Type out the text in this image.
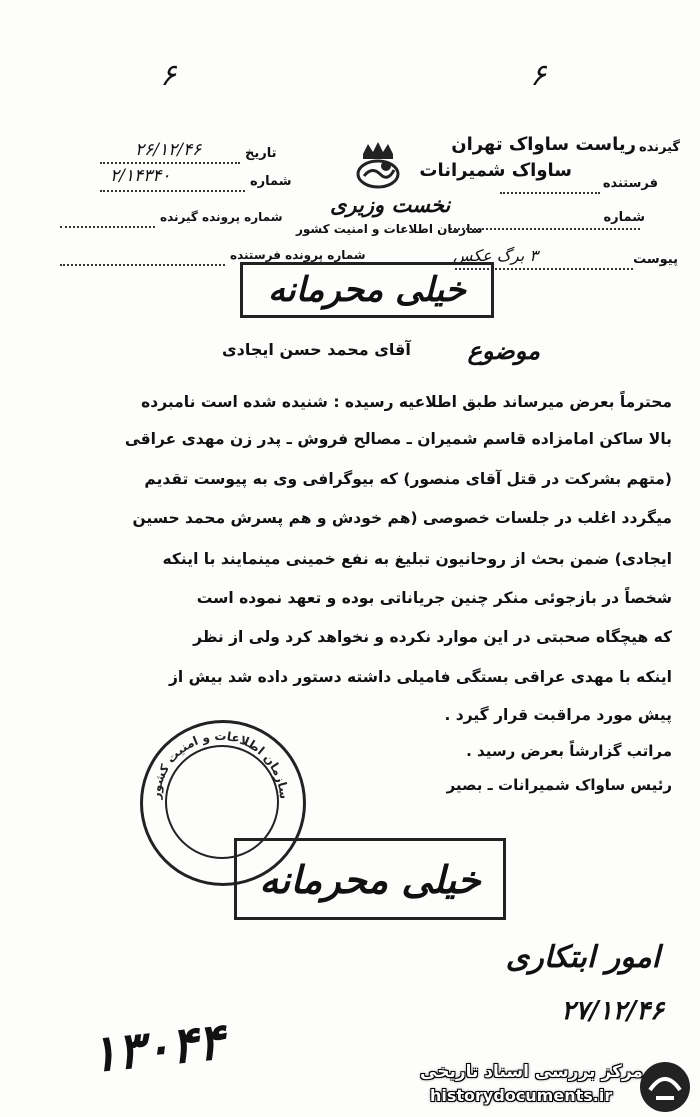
۶	۶
تاریخ
۲۶/۱۲/۴۶
شماره
۲/۱۴۳۴۰
شماره پرونده گیرنده
شماره پرونده فرستنده
نخست وزیری
سازمان اطلاعات و امنیت کشور
گیرنده
ریاست ساواک تهران
فرستنده
ساواک شمیرانات
شماره
پیوست
۳ برگ عکس
خیلی محرمانه
موضوع
آقای محمد حسن ایجادی
محترماً بعرض میرساند طبق اطلاعیه رسیده : شنیده شده است نامبرده
بالا ساکن امامزاده قاسم شمیران ـ مصالح فروش ـ پدر زن مهدی عراقی
(متهم بشرکت در قتل آقای منصور) که بیوگرافی وی به پیوست تقدیم
میگردد اغلب در جلسات خصوصی (هم خودش و هم پسرش محمد حسین
ایجادی) ضمن بحث از روحانیون تبلیغ به نفع خمینی مینمایند با اینکه
شخصاً در بازجوئی منکر چنین جریاناتی بوده و تعهد نموده است
که هیچگاه صحبتی در این موارد نکرده و نخواهد کرد ولی از نظر
اینکه با مهدی عراقی بستگی فامیلی داشته دستور داده شد بیش از
پیش مورد مراقبت قرار گیرد .
مراتب گزارشاً بعرض رسید .
رئیس ساواک شمیرانات ـ بصیر
سازمان اطلاعات و امنیت کشور
خیلی محرمانه
امور ابتکاری
۲۷/۱۲/۴۶
۱۳۰۴۴	مرکز بررسی اسناد تاریخی
historydocuments.ir
